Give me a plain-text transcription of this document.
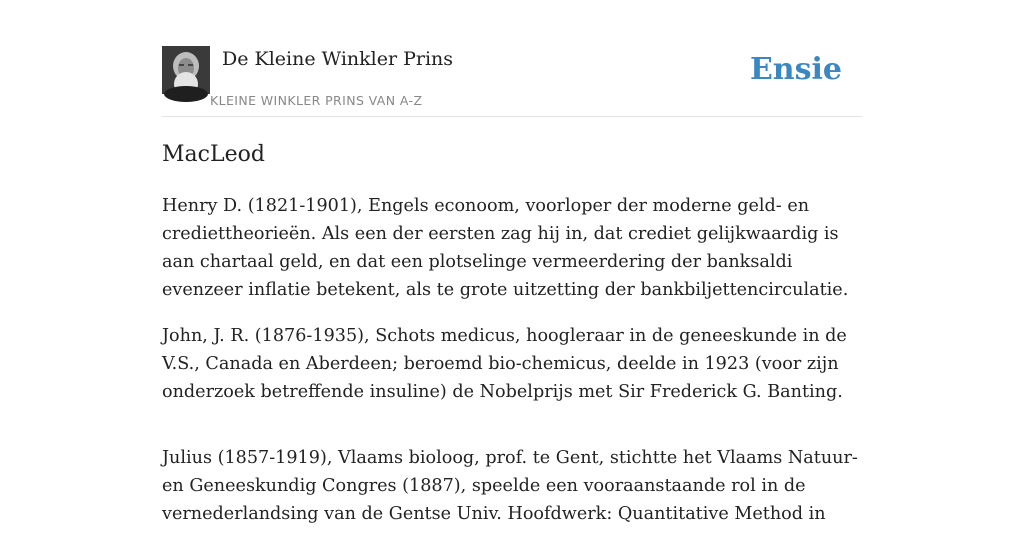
De Kleine Winkler Prins
KLEINE WINKLER PRINS VAN A-Z
Ensie
MacLeod

Henry D. (1821-1901), Engels econoom, voorloper der moderne geld- en crediettheorieën. Als een der eersten zag hij in, dat crediet gelijkwaardig is aan chartaal geld, en dat een plotselinge vermeerdering der banksaldi evenzeer inflatie betekent, als te grote uitzetting der bankbiljettencirculatie.

John, J. R. (1876-1935), Schots medicus, hoogleraar in de geneeskunde in de V.S., Canada en Aberdeen; beroemd bio-chemicus, deelde in 1923 (voor zijn onderzoek betreffende insuline) de Nobelprijs met Sir Frederick G. Banting.

Julius (1857-1919), Vlaams bioloog, prof. te Gent, stichtte het Vlaams Natuur- en Geneeskundig Congres (1887), speelde een vooraanstaande rol in de vernederlandsing van de Gentse Univ. Hoofdwerk: Quantitative Method in
